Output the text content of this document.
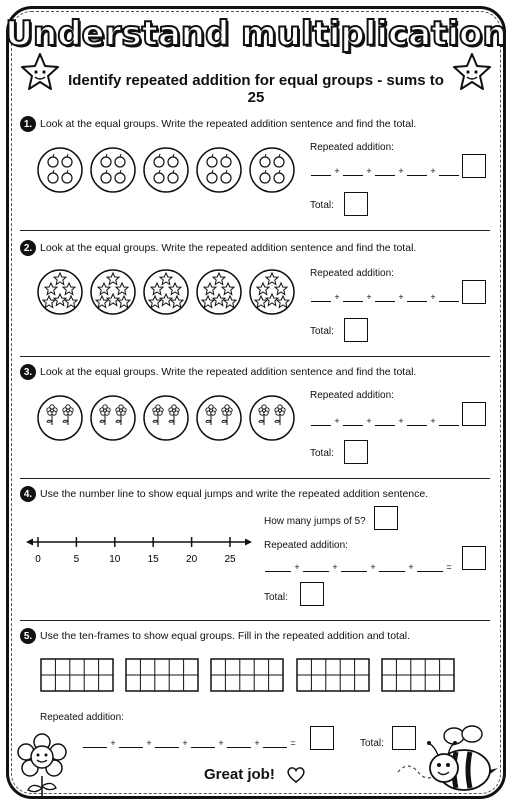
Understand multiplication
Identify repeated addition for equal groups - sums to 25
1. Look at the equal groups. Write the repeated addition sentence and find the total.
Repeated addition:
+	+	+	+
Total:
2. Look at the equal groups. Write the repeated addition sentence and find the total.
Repeated addition:
+	+	+	+
Total:
3. Look at the equal groups. Write the repeated addition sentence and find the total.
Repeated addition:
+	+	+	+
Total:
4. Use the number line to show equal jumps and write the repeated addition sentence.
0	5	10	15	20	25
How many jumps of 5?
Repeated addition:
+	+	+	+	=
Total:
5. Use the ten-frames to show equal groups. Fill in the repeated addition and total.
Repeated addition:
+	+	+	+	+	=	Total:
Great job!
